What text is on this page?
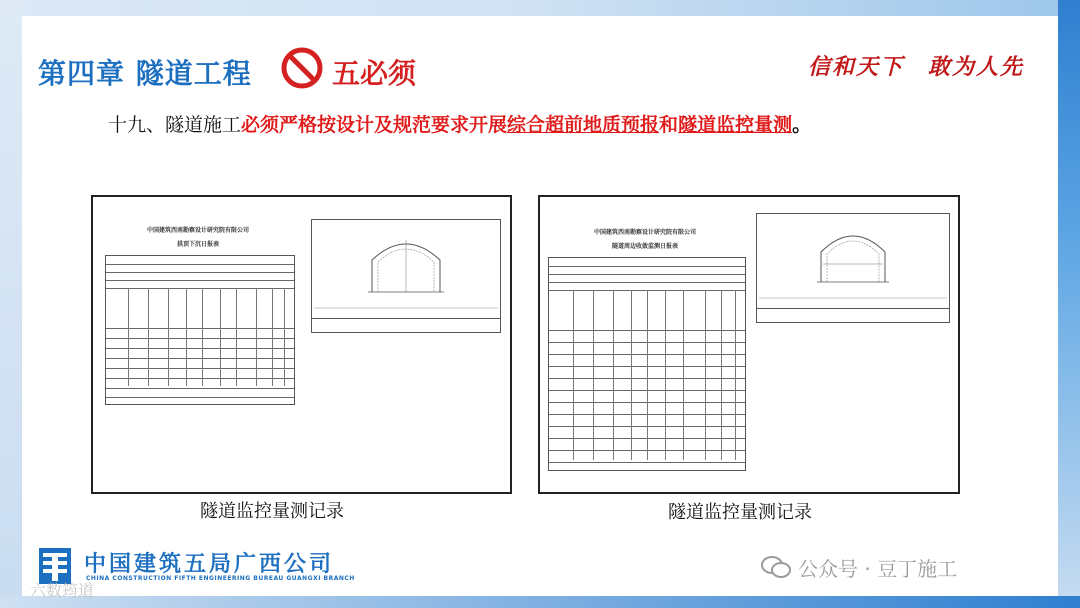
第四章 隧道工程	五必须	信和天下　敢为人先
十九、隧道施工必须严格按设计及规范要求开展综合超前地质预报和隧道监控量测。
中国建筑西南勘察设计研究院有限公司
拱顶下沉日报表
隧道监控量测记录
中国建筑西南勘察设计研究院有限公司
隧道周边收敛监测日报表
隧道监控量测记录
中国建筑五局广西公司
CHINA CONSTRUCTION FIFTH ENGINEERING BUREAU GUANGXI BRANCH	公众号 · 豆丁施工
六数筠道
